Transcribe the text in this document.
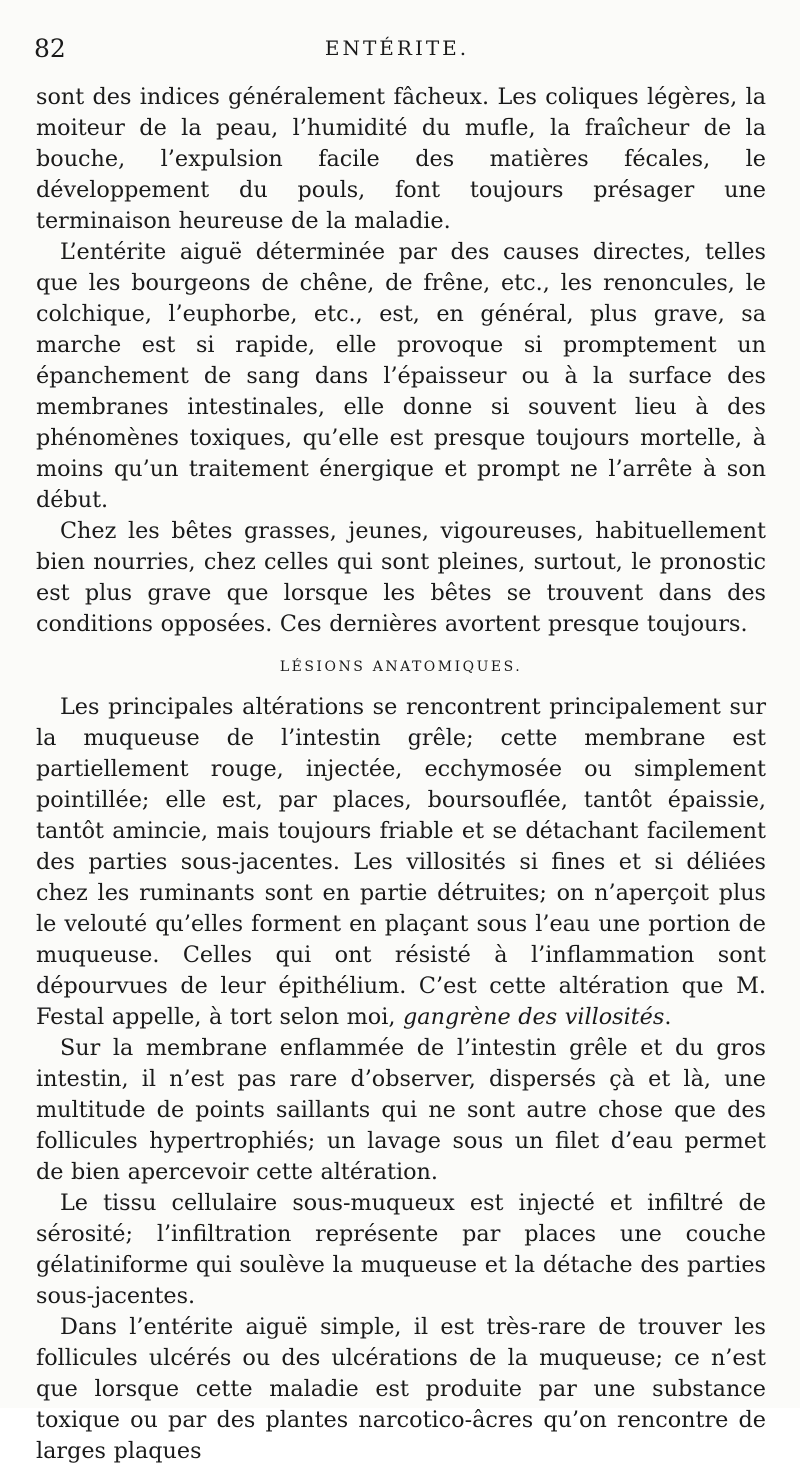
82	ENTÉRITE.

sont des indices généralement fâcheux. Les coliques légères, la moiteur de la peau, l’humidité du mufle, la fraîcheur de la bouche, l’expulsion facile des matières fécales, le développement du pouls, font toujours présager une terminaison heureuse de la maladie.

L’entérite aiguë déterminée par des causes directes, telles que les bourgeons de chêne, de frêne, etc., les renoncules, le colchique, l’euphorbe, etc., est, en général, plus grave, sa marche est si rapide, elle provoque si promptement un épanchement de sang dans l’épaisseur ou à la surface des membranes intestinales, elle donne si souvent lieu à des phénomènes toxiques, qu’elle est presque toujours mortelle, à moins qu’un traitement énergique et prompt ne l’arrête à son début.

Chez les bêtes grasses, jeunes, vigoureuses, habituellement bien nourries, chez celles qui sont pleines, surtout, le pronostic est plus grave que lorsque les bêtes se trouvent dans des conditions opposées. Ces dernières avortent presque toujours.

LÉSIONS ANATOMIQUES.

Les principales altérations se rencontrent principalement sur la muqueuse de l’intestin grêle; cette membrane est partiellement rouge, injectée, ecchymosée ou simplement pointillée; elle est, par places, boursouflée, tantôt épaissie, tantôt amincie, mais toujours friable et se détachant facilement des parties sous-jacentes. Les villosités si fines et si déliées chez les ruminants sont en partie détruites; on n’aperçoit plus le velouté qu’elles forment en plaçant sous l’eau une portion de muqueuse. Celles qui ont résisté à l’inflammation sont dépourvues de leur épithélium. C’est cette altération que M. Festal appelle, à tort selon moi, gangrène des villosités.

Sur la membrane enflammée de l’intestin grêle et du gros intestin, il n’est pas rare d’observer, dispersés çà et là, une multitude de points saillants qui ne sont autre chose que des follicules hypertrophiés; un lavage sous un filet d’eau permet de bien apercevoir cette altération.

Le tissu cellulaire sous-muqueux est injecté et infiltré de sérosité; l’infiltration représente par places une couche gélatiniforme qui soulève la muqueuse et la détache des parties sous-jacentes.

Dans l’entérite aiguë simple, il est très-rare de trouver les follicules ulcérés ou des ulcérations de la muqueuse; ce n’est que lorsque cette maladie est produite par une substance toxique ou par des plantes narcotico-âcres qu’on rencontre de larges plaques
